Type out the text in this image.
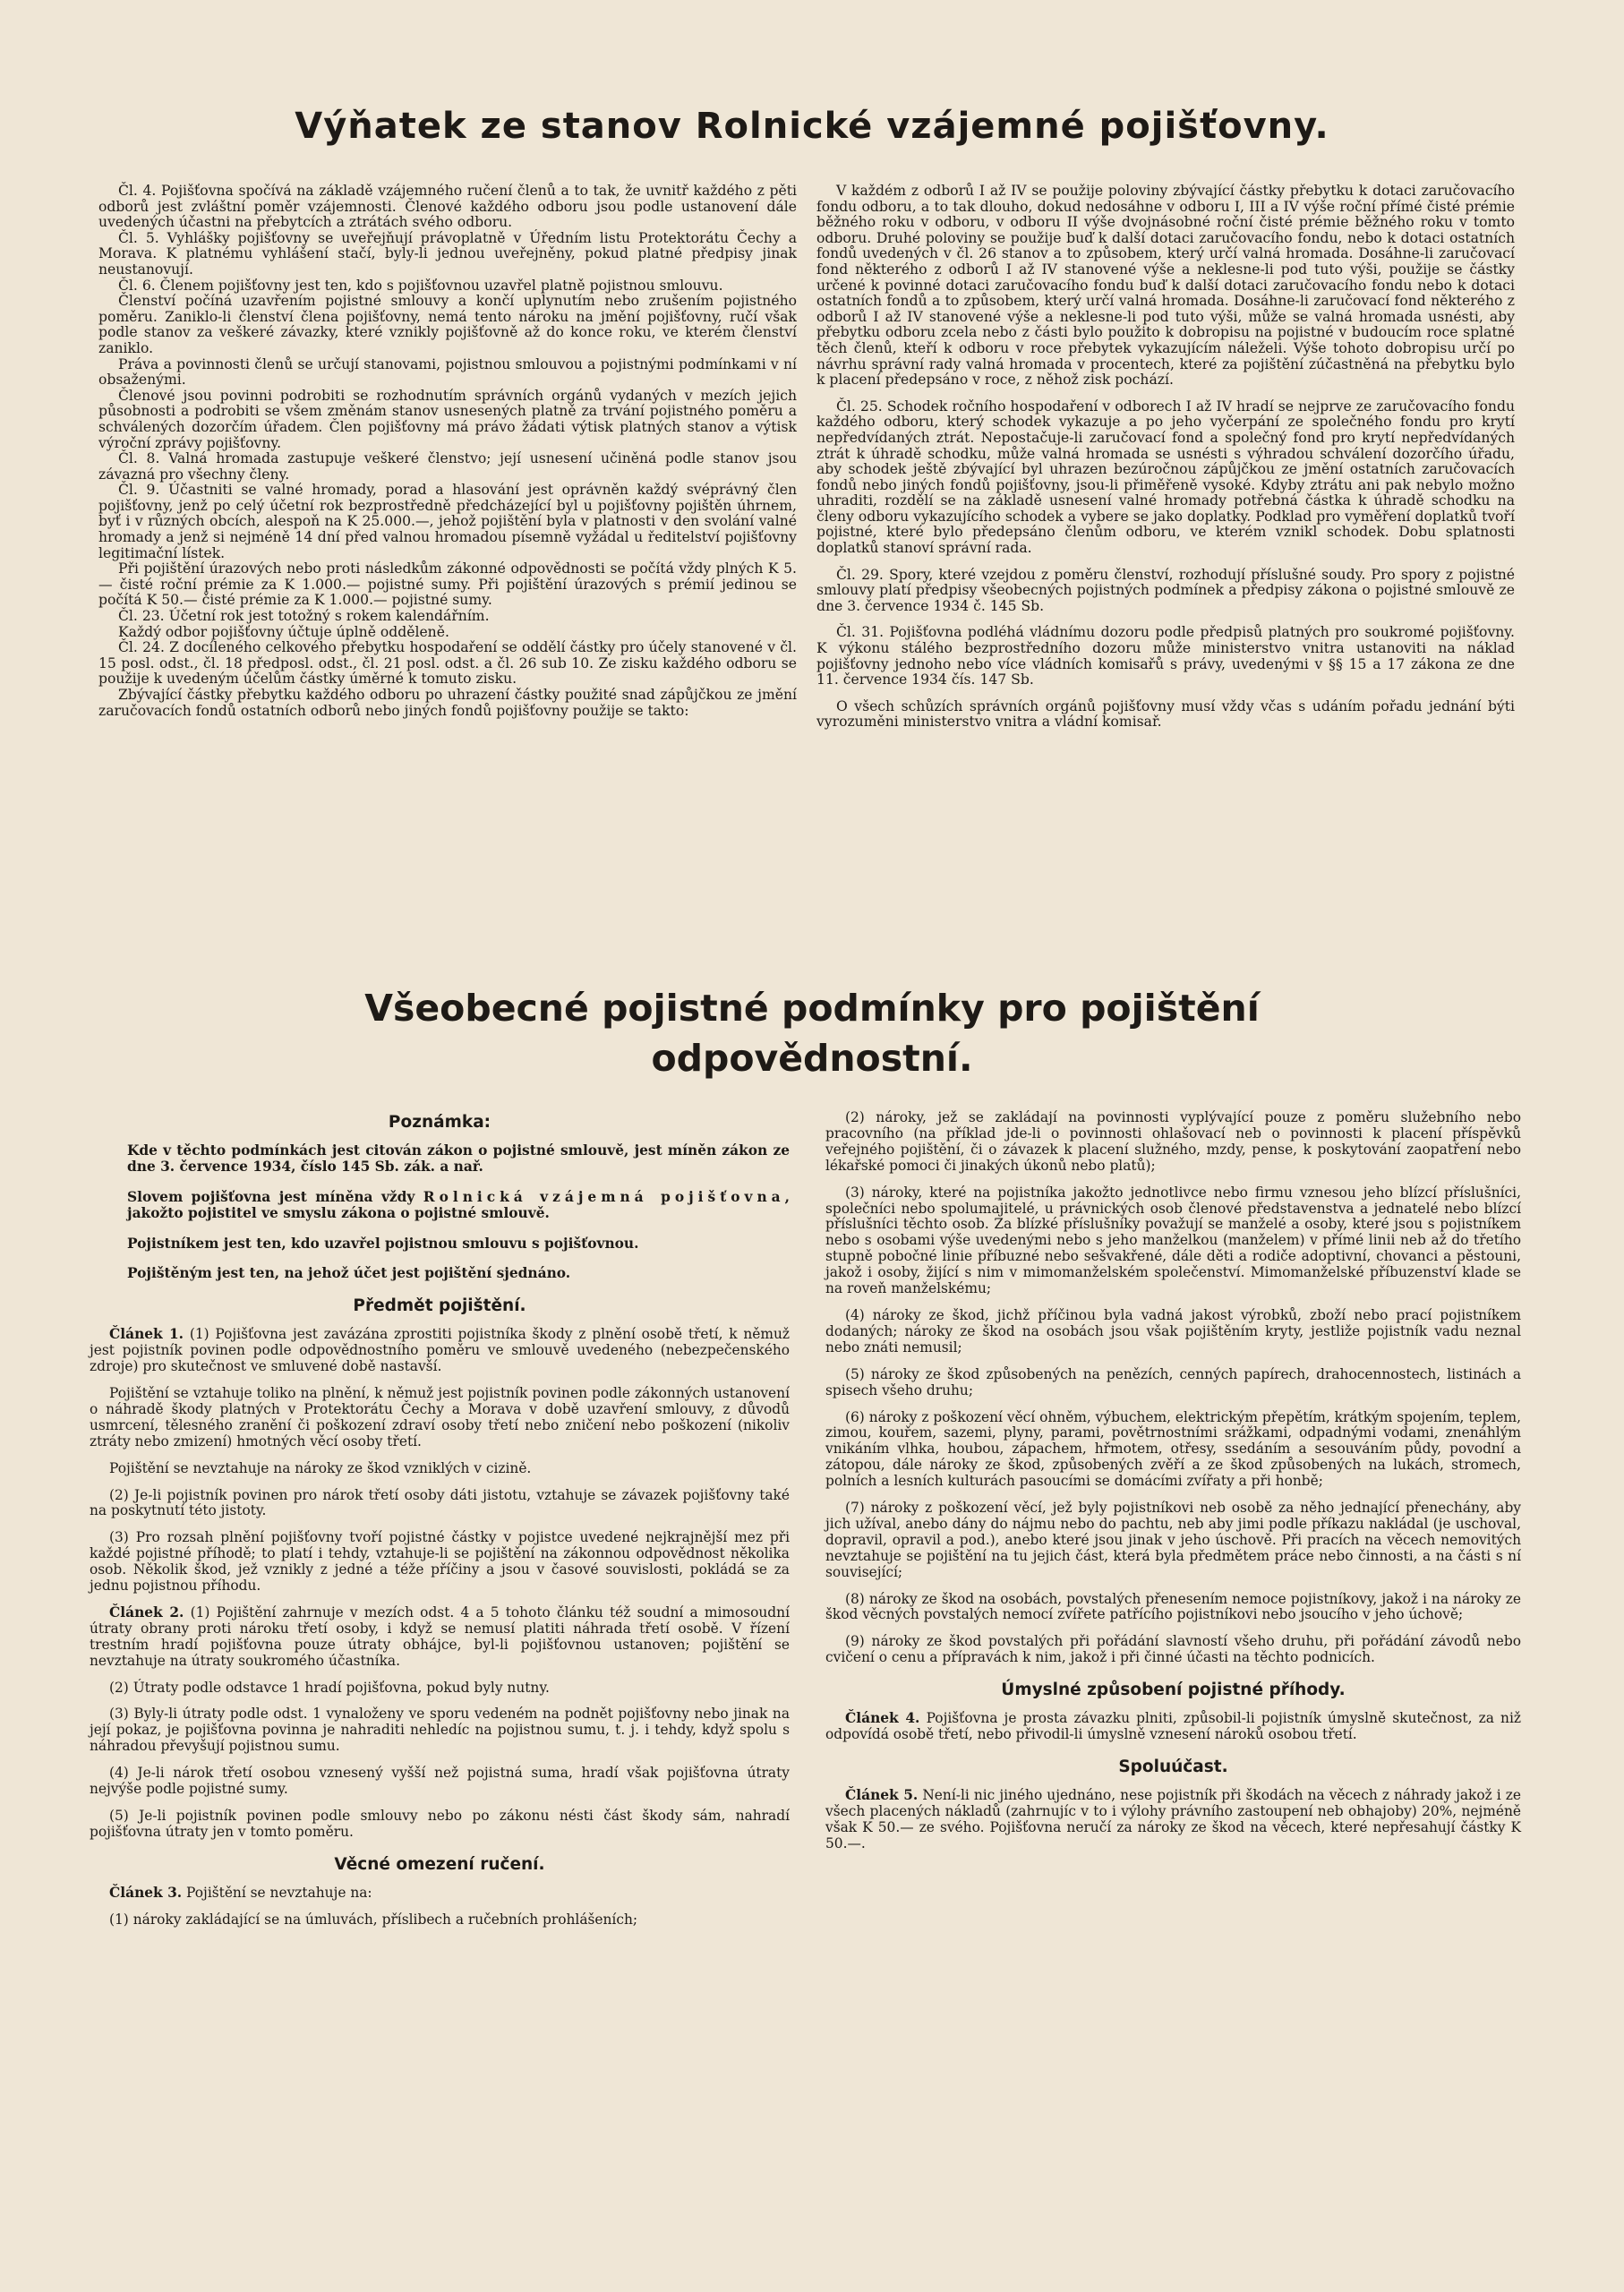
Výňatek ze stanov Rolnické vzájemné pojišťovny.

Čl. 4. Pojišťovna spočívá na základě vzájemného ručení členů a to tak, že uvnitř každého z pěti odborů jest zvláštní poměr vzájemnosti. Členové každého odboru jsou podle ustanovení dále uvedených účastni na přebytcích a ztrátách svého odboru.

Čl. 5. Vyhlášky pojišťovny se uveřejňují právoplatně v Úředním listu Protektorátu Čechy a Morava. K platnému vyhlášení stačí, byly-li jednou uveřejněny, pokud platné předpisy jinak neustanovují.

Čl. 6. Členem pojišťovny jest ten, kdo s pojišťovnou uzavřel platně pojistnou smlouvu.

Členství počíná uzavřením pojistné smlouvy a končí uplynutím nebo zrušením pojistného poměru. Zaniklo-li členství člena pojišťovny, nemá tento nároku na jmění pojišťovny, ručí však podle stanov za veškeré závazky, které vznikly pojišťovně až do konce roku, ve kterém členství zaniklo.

Práva a povinnosti členů se určují stanovami, pojistnou smlouvou a pojistnými podmínkami v ní obsaženými.

Členové jsou povinni podrobiti se rozhodnutím správních orgánů vydaných v mezích jejich působnosti a podrobiti se všem změnám stanov usnesených platně za trvání pojistného poměru a schválených dozorčím úřadem. Člen pojišťovny má právo žádati výtisk platných stanov a výtisk výroční zprávy pojišťovny.

Čl. 8. Valná hromada zastupuje veškeré členstvo; její usnesení učiněná podle stanov jsou závazná pro všechny členy.

Čl. 9. Účastniti se valné hromady, porad a hlasování jest oprávněn každý svéprávný člen pojišťovny, jenž po celý účetní rok bezprostředně předcházející byl u pojišťovny pojištěn úhrnem, byť i v různých obcích, alespoň na K 25.000.—, jehož pojištění byla v platnosti v den svolání valné hromady a jenž si nejméně 14 dní před valnou hromadou písemně vyžádal u ředitelství pojišťovny legitimační lístek.

Při pojištění úrazových nebo proti následkům zákonné odpovědnosti se počítá vždy plných K 5.— čisté roční prémie za K 1.000.— pojistné sumy. Při pojištění úrazových s prémií jedinou se počítá K 50.— čisté prémie za K 1.000.— pojistné sumy.

Čl. 23. Účetní rok jest totožný s rokem kalendářním.

Každý odbor pojišťovny účtuje úplně odděleně.

Čl. 24. Z docíleného celkového přebytku hospodaření se oddělí částky pro účely stanovené v čl. 15 posl. odst., čl. 18 předposl. odst., čl. 21 posl. odst. a čl. 26 sub 10. Ze zisku každého odboru se použije k uvedeným účelům částky úměrné k tomuto zisku.

Zbývající částky přebytku každého odboru po uhrazení částky použité snad zápůjčkou ze jmění zaručovacích fondů ostatních odborů nebo jiných fondů pojišťovny použije se takto:

V každém z odborů I až IV se použije poloviny zbývající částky přebytku k dotaci zaručovacího fondu odboru, a to tak dlouho, dokud nedosáhne v odboru I, III a IV výše roční přímé čisté prémie běžného roku v odboru, v odboru II výše dvojnásobné roční čisté prémie běžného roku v tomto odboru. Druhé poloviny se použije buď k další dotaci zaručovacího fondu, nebo k dotaci ostatních fondů uvedených v čl. 26 stanov a to způsobem, který určí valná hromada. Dosáhne-li zaručovací fond některého z odborů I až IV stanovené výše a neklesne-li pod tuto výši, použije se částky určené k povinné dotaci zaručovacího fondu buď k další dotaci zaručovacího fondu nebo k dotaci ostatních fondů a to způsobem, který určí valná hromada. Dosáhne-li zaručovací fond některého z odborů I až IV stanovené výše a neklesne-li pod tuto výši, může se valná hromada usnésti, aby přebytku odboru zcela nebo z části bylo použito k dobropisu na pojistné v budoucím roce splatné těch členů, kteří k odboru v roce přebytek vykazujícím náleželi. Výše tohoto dobropisu určí po návrhu správní rady valná hromada v procentech, které za pojištění zúčastněná na přebytku bylo k placení předepsáno v roce, z něhož zisk pochází.

Čl. 25. Schodek ročního hospodaření v odborech I až IV hradí se nejprve ze zaručovacího fondu každého odboru, který schodek vykazuje a po jeho vyčerpání ze společného fondu pro krytí nepředvídaných ztrát. Nepostačuje-li zaručovací fond a společný fond pro krytí nepředvídaných ztrát k úhradě schodku, může valná hromada se usnésti s výhradou schválení dozorčího úřadu, aby schodek ještě zbývající byl uhrazen bezúročnou zápůjčkou ze jmění ostatních zaručovacích fondů nebo jiných fondů pojišťovny, jsou-li přiměřeně vysoké. Kdyby ztrátu ani pak nebylo možno uhraditi, rozdělí se na základě usnesení valné hromady potřebná částka k úhradě schodku na členy odboru vykazujícího schodek a vybere se jako doplatky. Podklad pro vyměření doplatků tvoří pojistné, které bylo předepsáno členům odboru, ve kterém vznikl schodek. Dobu splatnosti doplatků stanoví správní rada.

Čl. 29. Spory, které vzejdou z poměru členství, rozhodují příslušné soudy. Pro spory z pojistné smlouvy platí předpisy všeobecných pojistných podmínek a předpisy zákona o pojistné smlouvě ze dne 3. července 1934 č. 145 Sb.

Čl. 31. Pojišťovna podléhá vládnímu dozoru podle předpisů platných pro soukromé pojišťovny. K výkonu stálého bezprostředního dozoru může ministerstvo vnitra ustanoviti na náklad pojišťovny jednoho nebo více vládních komisařů s právy, uvedenými v §§ 15 a 17 zákona ze dne 11. července 1934 čís. 147 Sb.

O všech schůzích správních orgánů pojišťovny musí vždy včas s udáním pořadu jednání býti vyrozuměni ministerstvo vnitra a vládní komisař.

Všeobecné pojistné podmínky pro pojištění
odpovědnostní.
Poznámka:

Kde v těchto podmínkách jest citován zákon o pojistné smlouvě, jest míněn zákon ze dne 3. července 1934, číslo 145 Sb. zák. a nař.

Slovem pojišťovna jest míněna vždy Rolnická vzájemná pojišťovna, jakožto pojistitel ve smyslu zákona o pojistné smlouvě.

Pojistníkem jest ten, kdo uzavřel pojistnou smlouvu s pojišťovnou.

Pojištěným jest ten, na jehož účet jest pojištění sjednáno.

Předmět pojištění.

Článek 1. (1) Pojišťovna jest zavázána zprostiti pojistníka škody z plnění osobě třetí, k němuž jest pojistník povinen podle odpovědnostního poměru ve smlouvě uvedeného (nebezpečenského zdroje) pro skutečnost ve smluvené době nastavší.

Pojištění se vztahuje toliko na plnění, k němuž jest pojistník povinen podle zákonných ustanovení o náhradě škody platných v Protektorátu Čechy a Morava v době uzavření smlouvy, z důvodů usmrcení, tělesného zranění či poškození zdraví osoby třetí nebo zničení nebo poškození (nikoliv ztráty nebo zmizení) hmotných věcí osoby třetí.

Pojištění se nevztahuje na nároky ze škod vzniklých v cizině.

(2) Je-li pojistník povinen pro nárok třetí osoby dáti jistotu, vztahuje se závazek pojišťovny také na poskytnutí této jistoty.

(3) Pro rozsah plnění pojišťovny tvoří pojistné částky v pojistce uvedené nejkrajnější mez při každé pojistné příhodě; to platí i tehdy, vztahuje-li se pojištění na zákonnou odpovědnost několika osob. Několik škod, jež vznikly z jedné a téže příčiny a jsou v časové souvislosti, pokládá se za jednu pojistnou příhodu.

Článek 2. (1) Pojištění zahrnuje v mezích odst. 4 a 5 tohoto článku též soudní a mimosoudní útraty obrany proti nároku třetí osoby, i když se nemusí platiti náhrada třetí osobě. V řízení trestním hradí pojišťovna pouze útraty obhájce, byl-li pojišťovnou ustanoven; pojištění se nevztahuje na útraty soukromého účastníka.

(2) Útraty podle odstavce 1 hradí pojišťovna, pokud byly nutny.

(3) Byly-li útraty podle odst. 1 vynaloženy ve sporu vedeném na podnět pojišťovny nebo jinak na její pokaz, je pojišťovna povinna je nahraditi nehledíc na pojistnou sumu, t. j. i tehdy, když spolu s náhradou převyšují pojistnou sumu.

(4) Je-li nárok třetí osobou vznesený vyšší než pojistná suma, hradí však pojišťovna útraty nejvýše podle pojistné sumy.

(5) Je-li pojistník povinen podle smlouvy nebo po zákonu nésti část škody sám, nahradí pojišťovna útraty jen v tomto poměru.

Věcné omezení ručení.

Článek 3. Pojištění se nevztahuje na:

(1) nároky zakládající se na úmluvách, příslibech a ručebních prohlášeních;

(2) nároky, jež se zakládají na povinnosti vyplývající pouze z poměru služebního nebo pracovního (na příklad jde-li o povinnosti ohlašovací neb o povinnosti k placení příspěvků veřejného pojištění, či o závazek k placení služného, mzdy, pense, k poskytování zaopatření nebo lékařské pomoci či jinakých úkonů nebo platů);

(3) nároky, které na pojistníka jakožto jednotlivce nebo firmu vznesou jeho blízcí příslušníci, společníci nebo spolumajitelé, u právnických osob členové představenstva a jednatelé nebo blízcí příslušníci těchto osob. Za blízké příslušníky považují se manželé a osoby, které jsou s pojistníkem nebo s osobami výše uvedenými nebo s jeho manželkou (manželem) v přímé linii neb až do třetího stupně pobočné linie příbuzné nebo sešvakřené, dále děti a rodiče adoptivní, chovanci a pěstouni, jakož i osoby, žijící s nim v mimomanželském společenství. Mimomanželské příbuzenství klade se na roveň manželskému;

(4) nároky ze škod, jichž příčinou byla vadná jakost výrobků, zboží nebo prací pojistníkem dodaných; nároky ze škod na osobách jsou však pojištěním kryty, jestliže pojistník vadu neznal nebo znáti nemusil;

(5) nároky ze škod způsobených na penězích, cenných papírech, drahocennostech, listinách a spisech všeho druhu;

(6) nároky z poškození věcí ohněm, výbuchem, elektrickým přepětím, krátkým spojením, teplem, zimou, kouřem, sazemi, plyny, parami, povětrnostními srážkami, odpadnými vodami, znenáhlým vnikáním vlhka, houbou, zápachem, hřmotem, otřesy, ssedáním a sesouváním půdy, povodní a zátopou, dále nároky ze škod, způsobených zvěří a ze škod způsobených na lukách, stromech, polních a lesních kulturách pasoucími se domácími zvířaty a při honbě;

(7) nároky z poškození věcí, jež byly pojistníkovi neb osobě za něho jednající přenechány, aby jich užíval, anebo dány do nájmu nebo do pachtu, neb aby jimi podle příkazu nakládal (je uschoval, dopravil, opravil a pod.), anebo které jsou jinak v jeho úschově. Při pracích na věcech nemovitých nevztahuje se pojištění na tu jejich část, která byla předmětem práce nebo činnosti, a na části s ní související;

(8) nároky ze škod na osobách, povstalých přenesením nemoce pojistníkovy, jakož i na nároky ze škod věcných povstalých nemocí zvířete patřícího pojistníkovi nebo jsoucího v jeho úchově;

(9) nároky ze škod povstalých při pořádání slavností všeho druhu, při pořádání závodů nebo cvičení o cenu a přípravách k nim, jakož i při činné účasti na těchto podnicích.

Úmyslné způsobení pojistné příhody.

Článek 4. Pojišťovna je prosta závazku plniti, způsobil-li pojistník úmyslně skutečnost, za niž odpovídá osobě třetí, nebo přivodil-li úmyslně vznesení nároků osobou třetí.

Spoluúčast.

Článek 5. Není-li nic jiného ujednáno, nese pojistník při škodách na věcech z náhrady jakož i ze všech placených nákladů (zahrnujíc v to i výlohy právního zastoupení neb obhajoby) 20%, nejméně však K 50.— ze svého. Pojišťovna neručí za nároky ze škod na věcech, které nepřesahují částky K 50.—.
